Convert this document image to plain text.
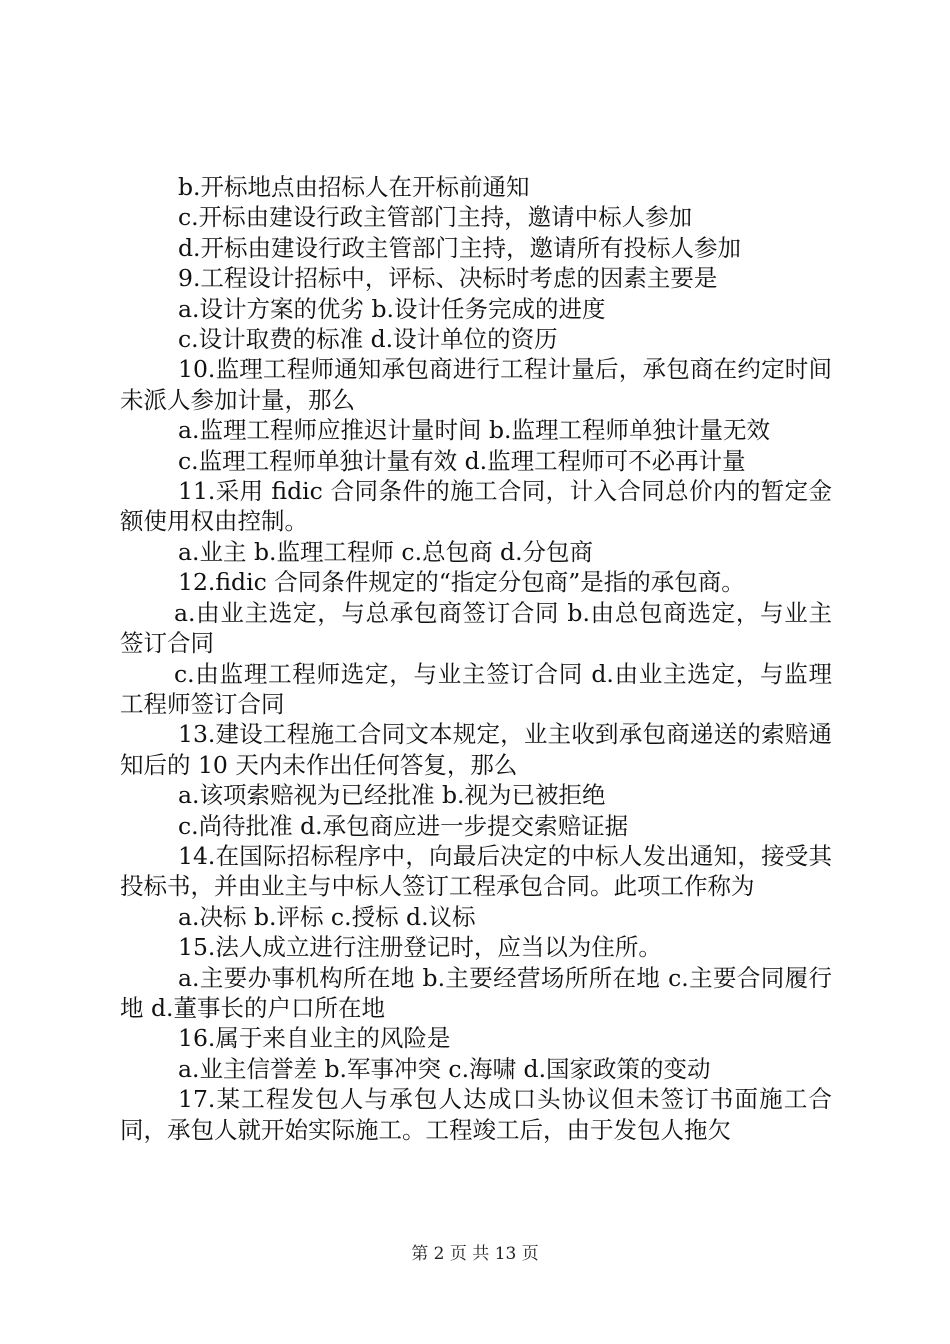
b.开标地点由招标人在开标前通知

c.开标由建设行政主管部门主持，邀请中标人参加

d.开标由建设行政主管部门主持，邀请所有投标人参加

9.工程设计招标中，评标、决标时考虑的因素主要是

a.设计方案的优劣 b.设计任务完成的进度

c.设计取费的标准 d.设计单位的资历

10.监理工程师通知承包商进行工程计量后，承包商在约定时间未派人参加计量，那么

a.监理工程师应推迟计量时间 b.监理工程师单独计量无效

c.监理工程师单独计量有效 d.监理工程师可不必再计量

11.采用 fidic 合同条件的施工合同，计入合同总价内的暂定金额使用权由控制。

a.业主 b.监理工程师 c.总包商 d.分包商

12.fidic 合同条件规定的“指定分包商”是指的承包商。

a.由业主选定，与总承包商签订合同 b.由总包商选定，与业主签订合同

c.由监理工程师选定，与业主签订合同 d.由业主选定，与监理工程师签订合同

13.建设工程施工合同文本规定，业主收到承包商递送的索赔通知后的 10 天内未作出任何答复，那么

a.该项索赔视为已经批准 b.视为已被拒绝

c.尚待批准 d.承包商应进一步提交索赔证据

14.在国际招标程序中，向最后决定的中标人发出通知，接受其投标书，并由业主与中标人签订工程承包合同。此项工作称为

a.决标 b.评标 c.授标 d.议标

15.法人成立进行注册登记时，应当以为住所。

a.主要办事机构所在地 b.主要经营场所所在地 c.主要合同履行地 d.董事长的户口所在地

16.属于来自业主的风险是

a.业主信誉差 b.军事冲突 c.海啸 d.国家政策的变动

17.某工程发包人与承包人达成口头协议但未签订书面施工合同，承包人就开始实际施工。工程竣工后，由于发包人拖欠

第 2 页 共 13 页
